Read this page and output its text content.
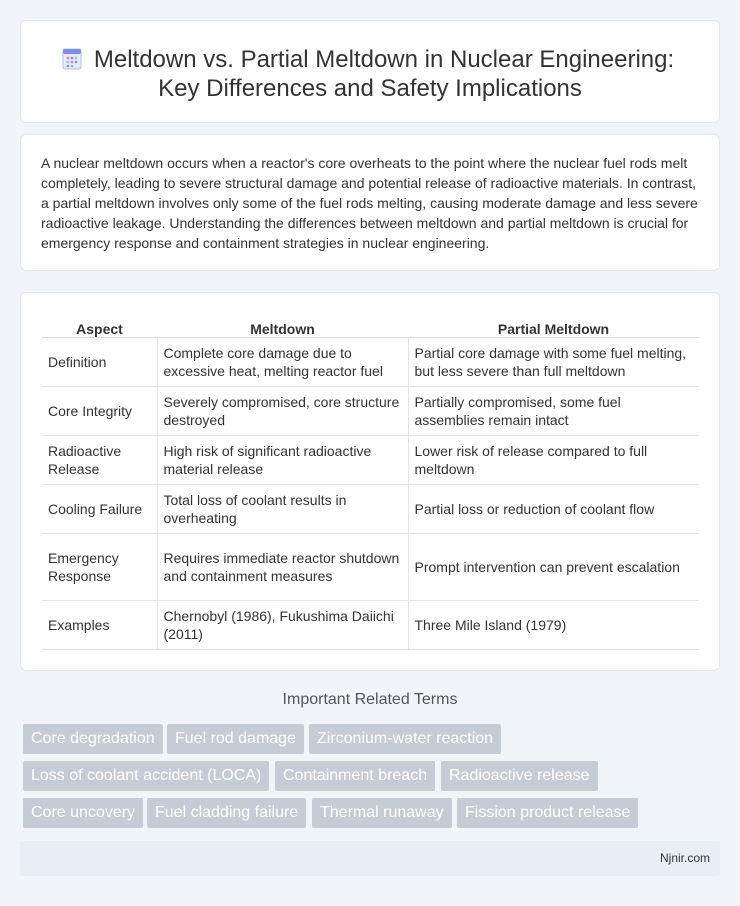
Meltdown vs. Partial Meltdown in Nuclear Engineering:
Key Differences and Safety Implications

A nuclear meltdown occurs when a reactor's core overheats to the point where the nuclear fuel rods melt completely, leading to severe structural damage and potential release of radioactive materials. In contrast, a partial meltdown involves only some of the fuel rods melting, causing moderate damage and less severe radioactive leakage. Understanding the differences between meltdown and partial meltdown is crucial for emergency response and containment strategies in nuclear engineering.

Aspect	Meltdown	Partial Meltdown
Definition	Complete core damage due to excessive heat, melting reactor fuel	Partial core damage with some fuel melting, but less severe than full meltdown
Core Integrity	Severely compromised, core structure destroyed	Partially compromised, some fuel assemblies remain intact
Radioactive Release	High risk of significant radioactive material release	Lower risk of release compared to full meltdown
Cooling Failure	Total loss of coolant results in overheating	Partial loss or reduction of coolant flow
Emergency Response	Requires immediate reactor shutdown and containment measures	Prompt intervention can prevent escalation
Examples	Chernobyl (1986), Fukushima Daiichi (2011)	Three Mile Island (1979)
Important Related Terms
Core degradation	Fuel rod damage	Zirconium-water reaction
Loss of coolant accident (LOCA)	Containment breach	Radioactive release
Core uncovery	Fuel cladding failure	Thermal runaway	Fission product release
Njnir.com
